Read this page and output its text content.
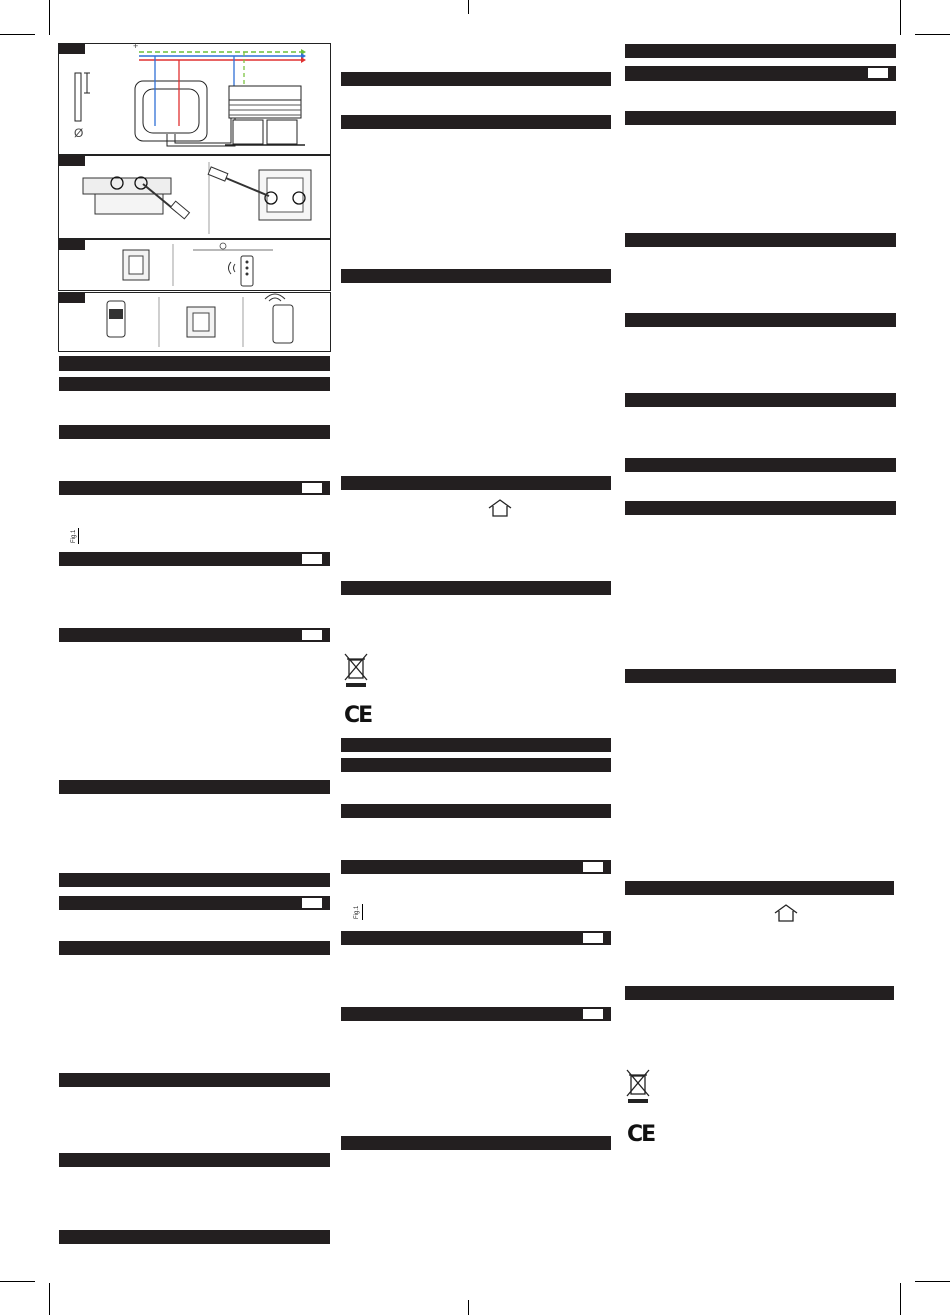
+
Ø
Fig.1
CE
Fig.1
CE
